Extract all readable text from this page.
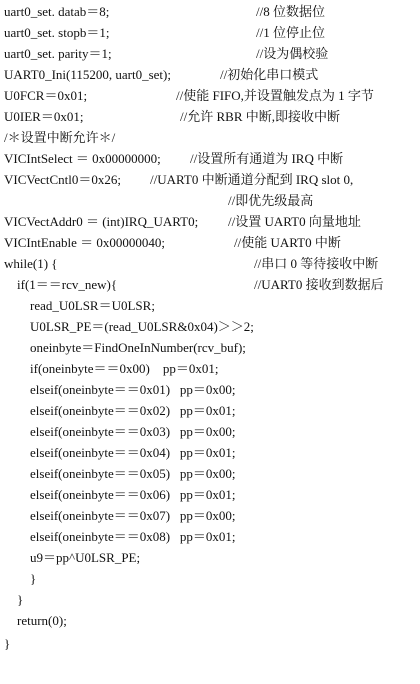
uart0_set. datab＝8;

	//8 位数据位

uart0_set. stopb＝1;

	//1 位停止位

uart0_set. parity＝1;

	//设为偶校验

UART0_Ini(115200, uart0_set);

	//初始化串口模式

U0FCR＝0x01;

	//使能 FIFO,并设置触发点为 1 字节

U0IER＝0x01;

	//允许 RBR 中断,即接收中断

/＊设置中断允许＊/

VICIntSelect ＝ 0x00000000;

//设置所有通道为 IRQ 中断

VICVectCntl0＝0x26;

//UART0 中断通道分配到 IRQ slot 0,

//即优先级最高

VICVectAddr0 ＝ (int)IRQ_UART0;

//设置 UART0 向量地址

VICIntEnable ＝ 0x00000040;

	//使能 UART0 中断

while(1) {

	//串口 0 等待接收中断

if(1＝＝rcv_new){

	//UART0 接收到数据后

read_U0LSR＝U0LSR;

U0LSR_PE＝(read_U0LSR&0x04)＞＞2;

oneinbyte＝FindOneInNumber(rcv_buf);

if(oneinbyte＝＝0x00)    pp＝0x01;

elseif(oneinbyte＝＝0x01)   pp＝0x00;

elseif(oneinbyte＝＝0x02)   pp＝0x01;

elseif(oneinbyte＝＝0x03)   pp＝0x00;

elseif(oneinbyte＝＝0x04)   pp＝0x01;

elseif(oneinbyte＝＝0x05)   pp＝0x00;

elseif(oneinbyte＝＝0x06)   pp＝0x01;

elseif(oneinbyte＝＝0x07)   pp＝0x00;

elseif(oneinbyte＝＝0x08)   pp＝0x01;

u9＝pp^U0LSR_PE;

}

}

return(0);

}
